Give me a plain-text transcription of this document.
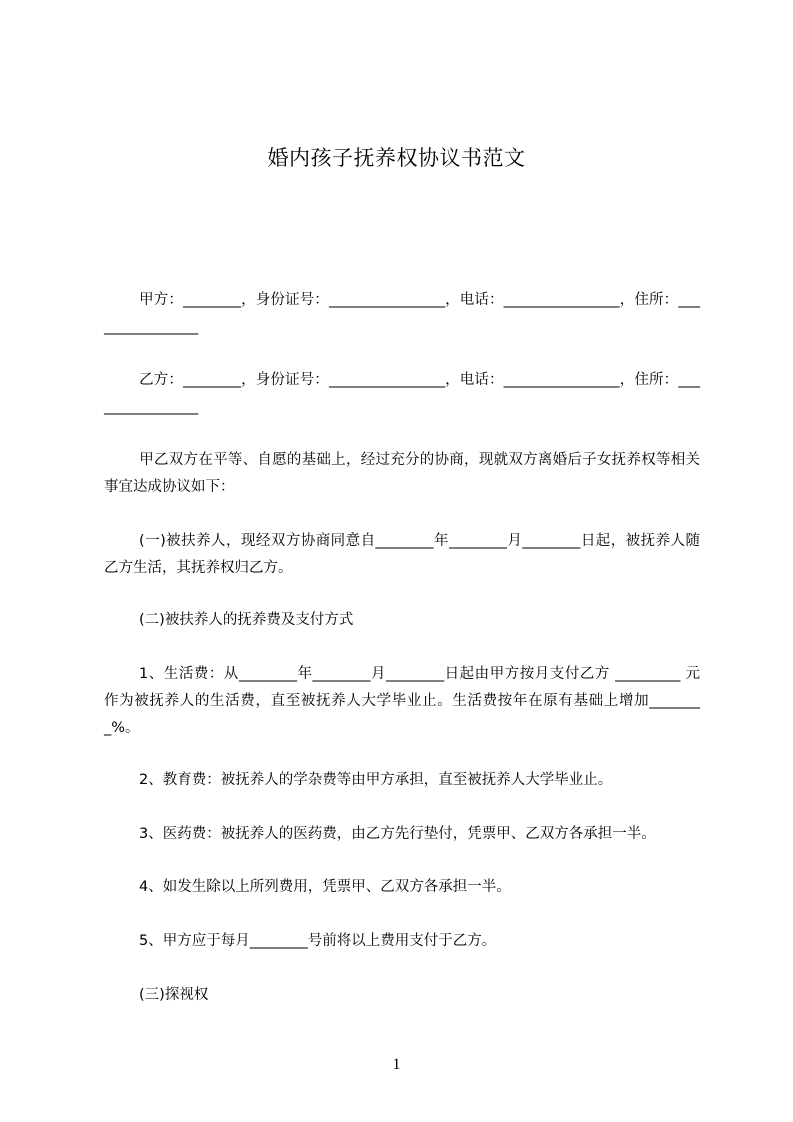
婚内孩子抚养权协议书范文
甲方：________，身份证号：________________，电话：________________，住所：________________
乙方：________，身份证号：________________，电话：________________，住所：________________
甲乙双方在平等、自愿的基础上，经过充分的协商，现就双方离婚后子女抚养权等相关事宜达成协议如下：
(一)被扶养人，现经双方协商同意自________年________月________日起，被抚养人随乙方生活，其抚养权归乙方。
(二)被扶养人的抚养费及支付方式
1、生活费：从________年________月________日起由甲方按月支付乙方 _________ 元作为被抚养人的生活费，直至被抚养人大学毕业止。生活费按年在原有基础上增加________%。
2、教育费：被抚养人的学杂费等由甲方承担，直至被抚养人大学毕业止。
3、医药费：被抚养人的医药费，由乙方先行垫付，凭票甲、乙双方各承担一半。
4、如发生除以上所列费用，凭票甲、乙双方各承担一半。
5、甲方应于每月________号前将以上费用支付于乙方。
(三)探视权
1
